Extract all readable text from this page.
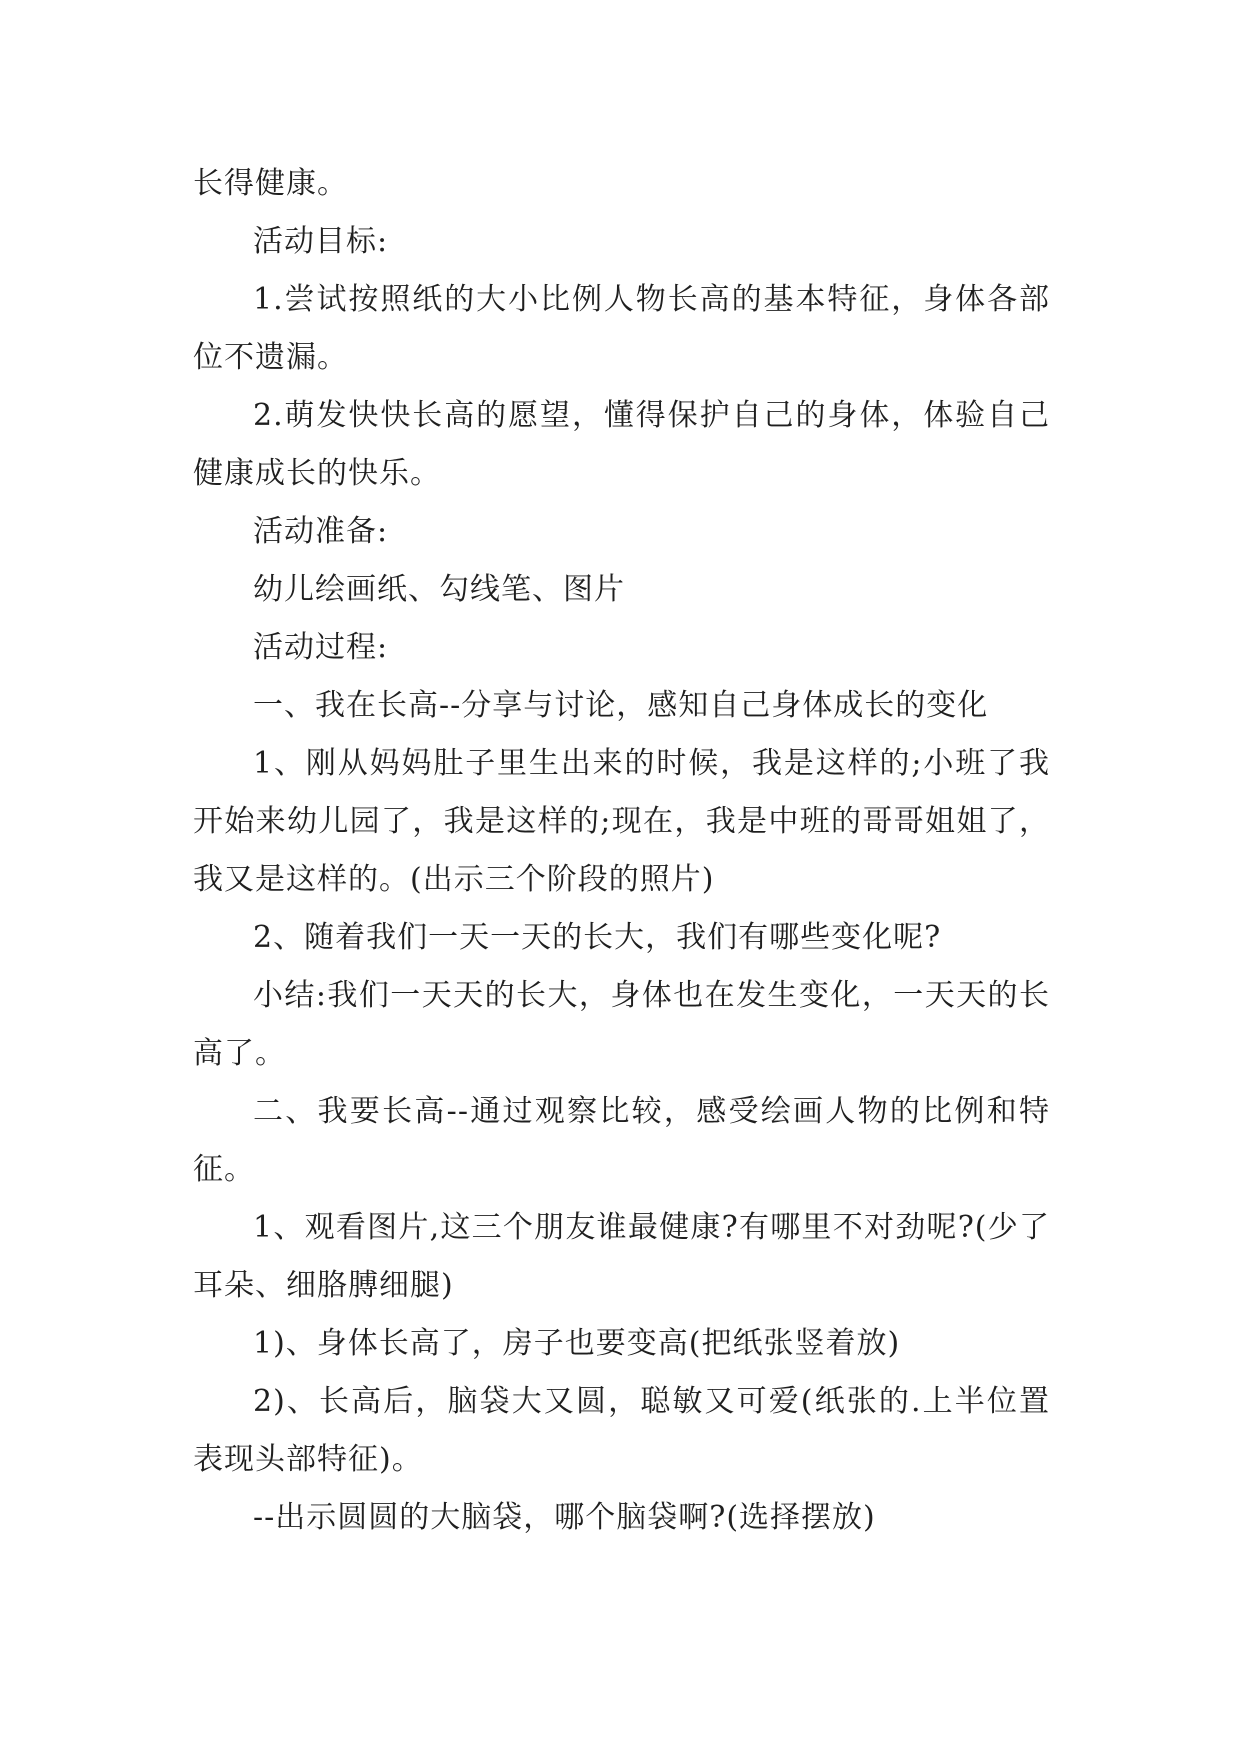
长得健康。

活动目标:

1.尝试按照纸的大小比例人物长高的基本特征，身体各部位不遗漏。

2.萌发快快长高的愿望，懂得保护自己的身体，体验自己健康成长的快乐。

活动准备:

幼儿绘画纸、勾线笔、图片

活动过程:

一、我在长高--分享与讨论，感知自己身体成长的变化

1、刚从妈妈肚子里生出来的时候，我是这样的;小班了我开始来幼儿园了，我是这样的;现在，我是中班的哥哥姐姐了，我又是这样的。(出示三个阶段的照片)

2、随着我们一天一天的长大，我们有哪些变化呢?

小结:我们一天天的长大，身体也在发生变化，一天天的长高了。

二、我要长高--通过观察比较，感受绘画人物的比例和特征。

1、观看图片,这三个朋友谁最健康?有哪里不对劲呢?(少了耳朵、细胳膊细腿)

1)、身体长高了，房子也要变高(把纸张竖着放)

2)、长高后，脑袋大又圆，聪敏又可爱(纸张的.上半位置表现头部特征)。

--出示圆圆的大脑袋，哪个脑袋啊?(选择摆放)
